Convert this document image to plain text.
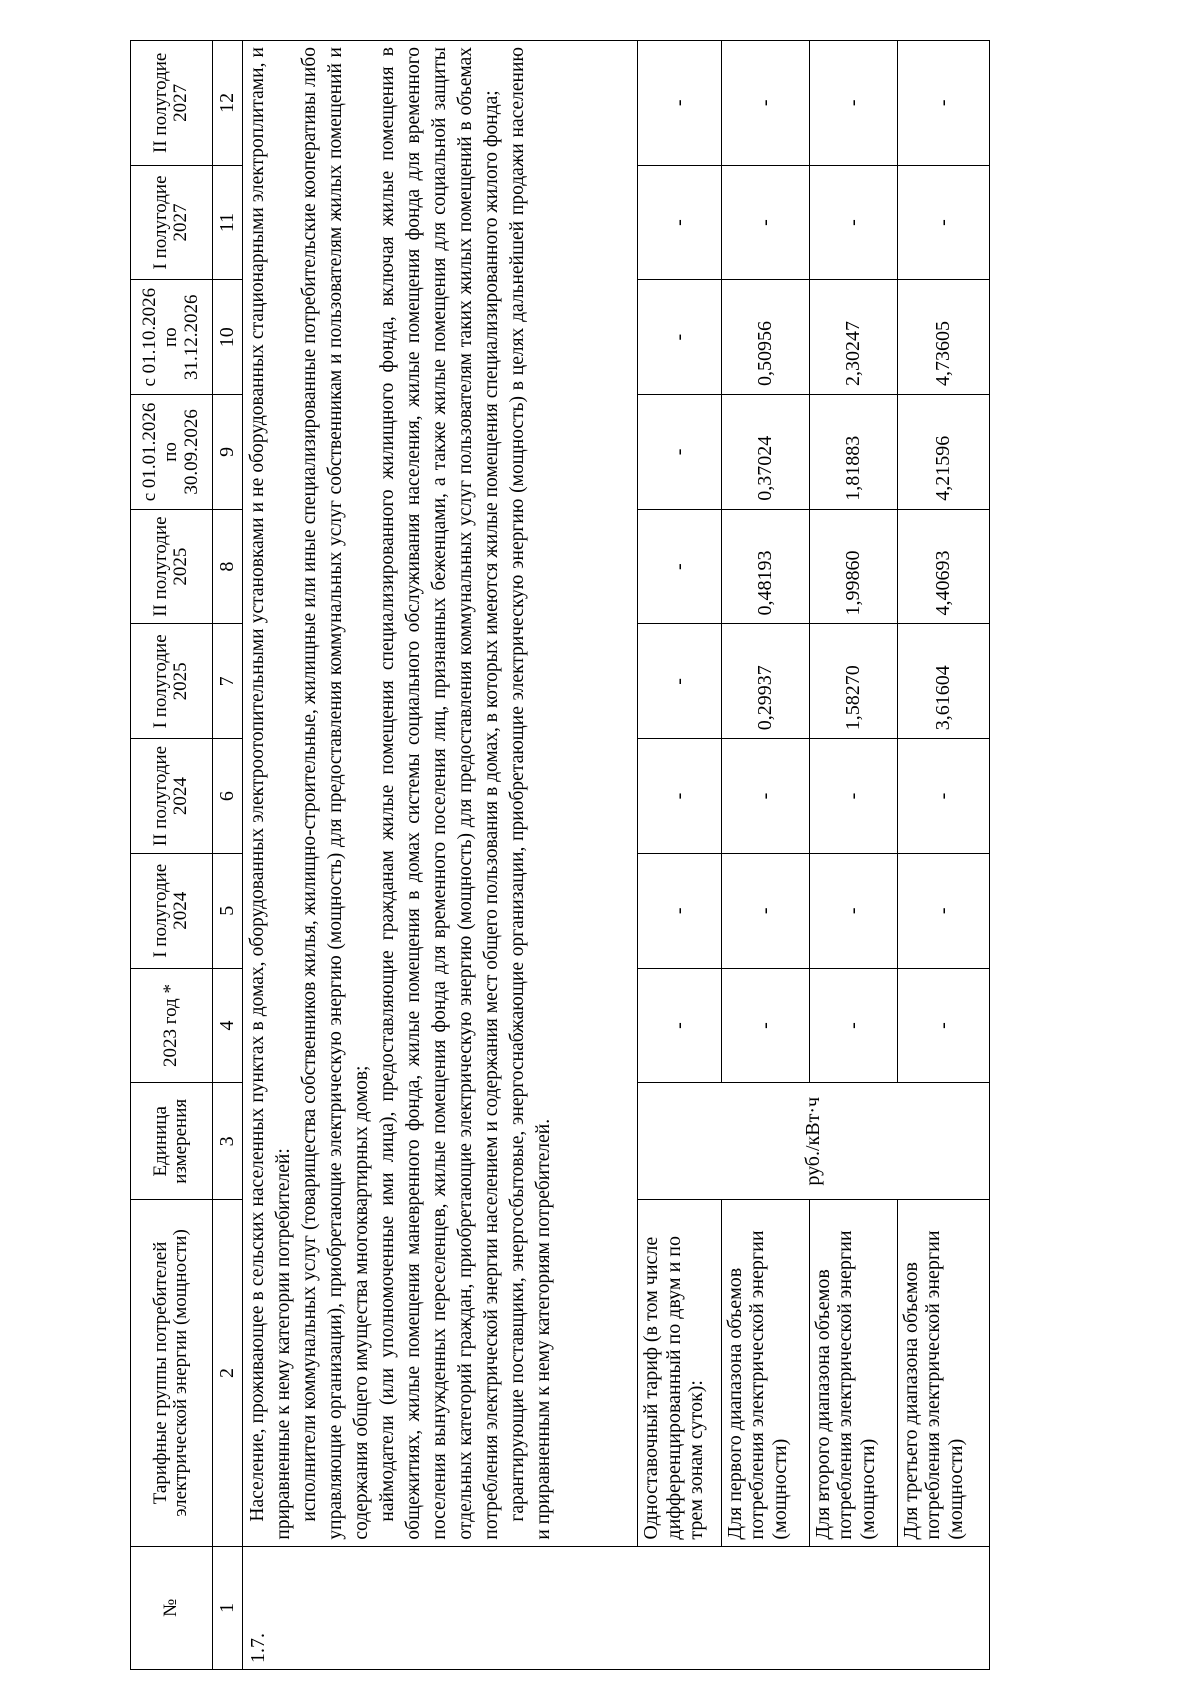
№	Тарифные группы потребителей электрической энергии (мощности)	Единица измерения	2023 год *	I полугодие 2024	II полугодие 2024	I полугодие 2025	II полугодие 2025	с 01.01.2026 по 30.09.2026	с 01.10.2026 по 31.12.2026	I полугодие 2027	II полугодие 2027
1	2	3	4	5	6	7	8	9	10	11	12
1.7.	Население, проживающее в сельских населенных пунктах в домах, оборудованных электроотопительными установками и не оборудованных стационарными электроплитами, и приравненные к нему категории потребителей: исполнители коммунальных услуг (товарищества собственников жилья, жилищно-строительные, жилищные или иные специализированные потребительские кооперативы либо управляющие организации), приобретающие электрическую энергию (мощность) для предоставления коммунальных услуг собственникам и пользователям жилых помещений и содержания общего имущества многоквартирных домов; наймодатели (или уполномоченные ими лица), предоставляющие гражданам жилые помещения специализированного жилищного фонда, включая жилые помещения в общежитиях, жилые помещения маневренного фонда, жилые помещения в домах системы социального обслуживания населения, жилые помещения фонда для временного поселения вынужденных переселенцев, жилые помещения фонда для временного поселения лиц, признанных беженцами, а также жилые помещения для социальной защиты отдельных категорий граждан, приобретающие электрическую энергию (мощность) для предоставления коммунальных услуг пользователям таких жилых помещений в объемах потребления электрической энергии населением и содержания мест общего пользования в домах, в которых имеются жилые помещения специализированного жилого фонда; гарантирующие поставщики, энергосбытовые, энергоснабжающие организации, приобретающие электрическую энергию (мощность) в целях дальнейшей продажи населению и приравненным к нему категориям потребителей.										

	Одноставочный тариф (в том числе дифференцированный по двум и по трем зонам суток):	руб./кВт·ч	-	-	-	-	-	-	-	-	-
	Для первого диапазона объемов потребления электрической энергии (мощности)		-	-	-	0,29937	0,48193	0,37024	0,50956	-	-
	Для второго диапазона объемов потребления электрической энергии (мощности)		-	-	-	1,58270	1,99860	1,81883	2,30247	-	-
	Для третьего диапазона объемов потребления электрической энергии (мощности)		-	-	-	3,61604	4,40693	4,21596	4,73605	-	-
